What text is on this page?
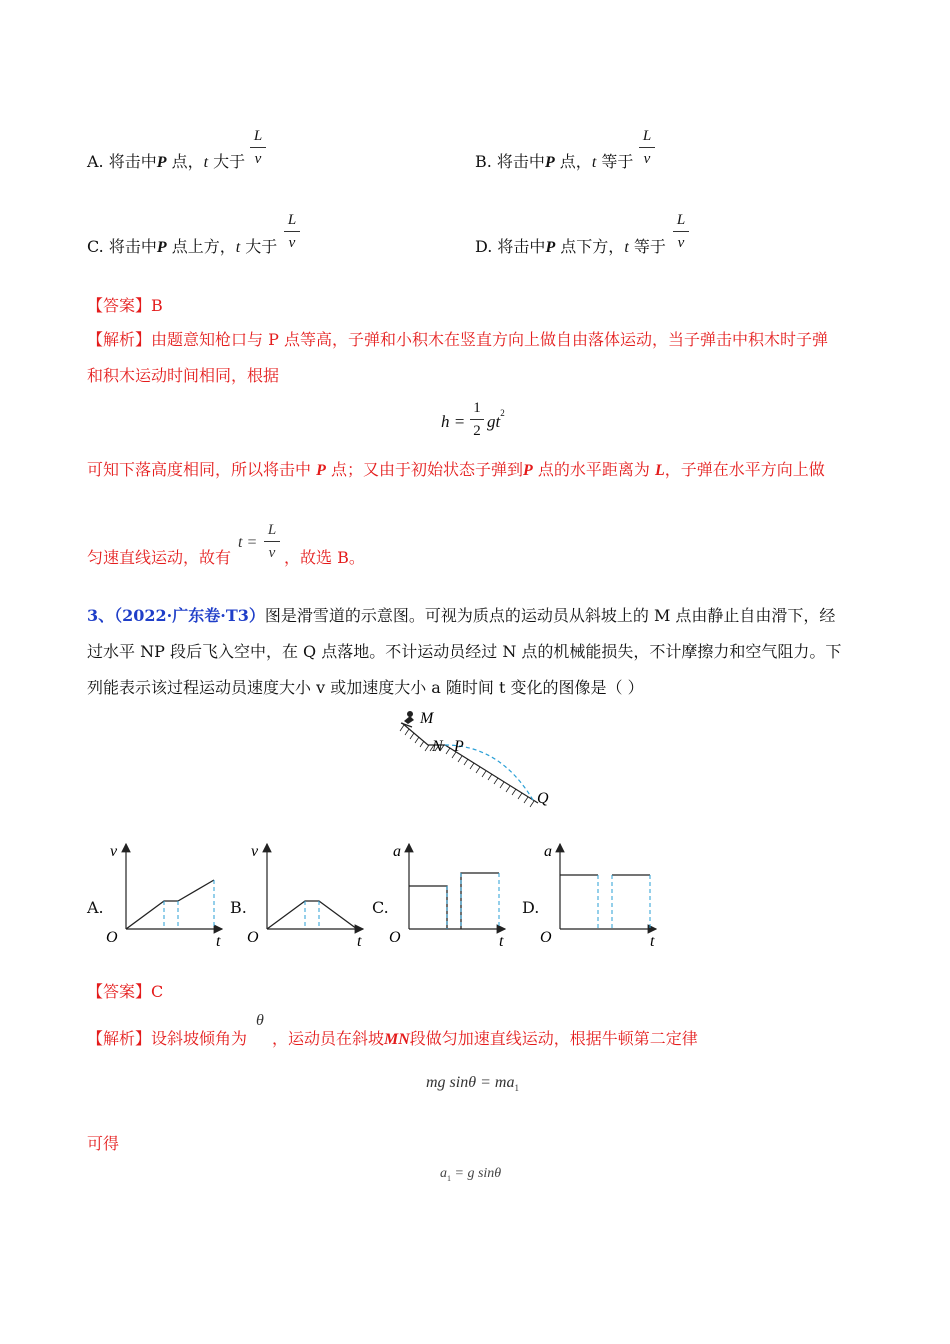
A. 将击中P 点，t 大于
L
v	B. 将击中P 点，t 等于
L
v
C. 将击中P 点上方，t 大于
L
v	D. 将击中P 点下方，t 等于
L
v
【答案】B
【解析】由题意知枪口与 P 点等高，子弹和小积木在竖直方向上做自由落体运动，当子弹击中积木时子弹
和积木运动时间相同，根据
h =
1
2 $gt^2$
可知下落高度相同，所以将击中 P 点；又由于初始状态子弹到P 点的水平距离为 L，子弹在水平方向上做
匀速直线运动，故有
t =
L
v ，故选 B。
3、（2022·广东卷·T3）图是滑雪道的示意图。可视为质点的运动员从斜坡上的 M 点由静止自由滑下，经
过水平 NP 段后飞入空中，在 Q 点落地。不计运动员经过 N 点的机械能损失，不计摩擦力和空气阻力。下
列能表示该过程运动员速度大小 v 或加速度大小 a 随时间 t 变化的图像是（ ）
M
N P
Q
A.
v
O	t
B.
v
O	t
C.
a
O	t
D.
a
O	t
【答案】C
【解析】设斜坡倾角为
θ
，运动员在斜坡MN段做匀加速直线运动，根据牛顿第二定律
mg $\sin\theta = ma_1$
可得
$a_1 = g$ sinθ
